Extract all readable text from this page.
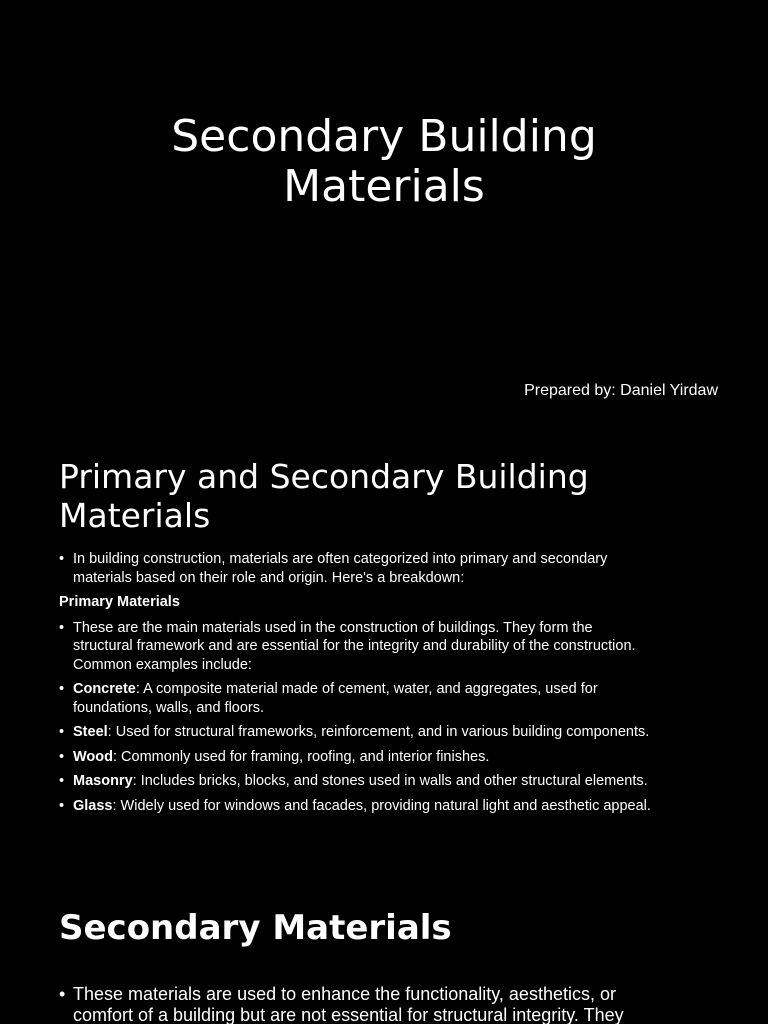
Secondary Building
Materials
Prepared by: Daniel Yirdaw
Primary and Secondary Building
Materials
• In building construction, materials are often categorized into primary and secondary
materials based on their role and origin. Here's a breakdown:
Primary Materials
• These are the main materials used in the construction of buildings. They form the
structural framework and are essential for the integrity and durability of the construction.
Common examples include:
• Concrete: A composite material made of cement, water, and aggregates, used for
foundations, walls, and floors.
• Steel: Used for structural frameworks, reinforcement, and in various building components.
• Wood: Commonly used for framing, roofing, and interior finishes.
• Masonry: Includes bricks, blocks, and stones used in walls and other structural elements.
• Glass: Widely used for windows and facades, providing natural light and aesthetic appeal.
Secondary Materials
• These materials are used to enhance the functionality, aesthetics, or
comfort of a building but are not essential for structural integrity. They
